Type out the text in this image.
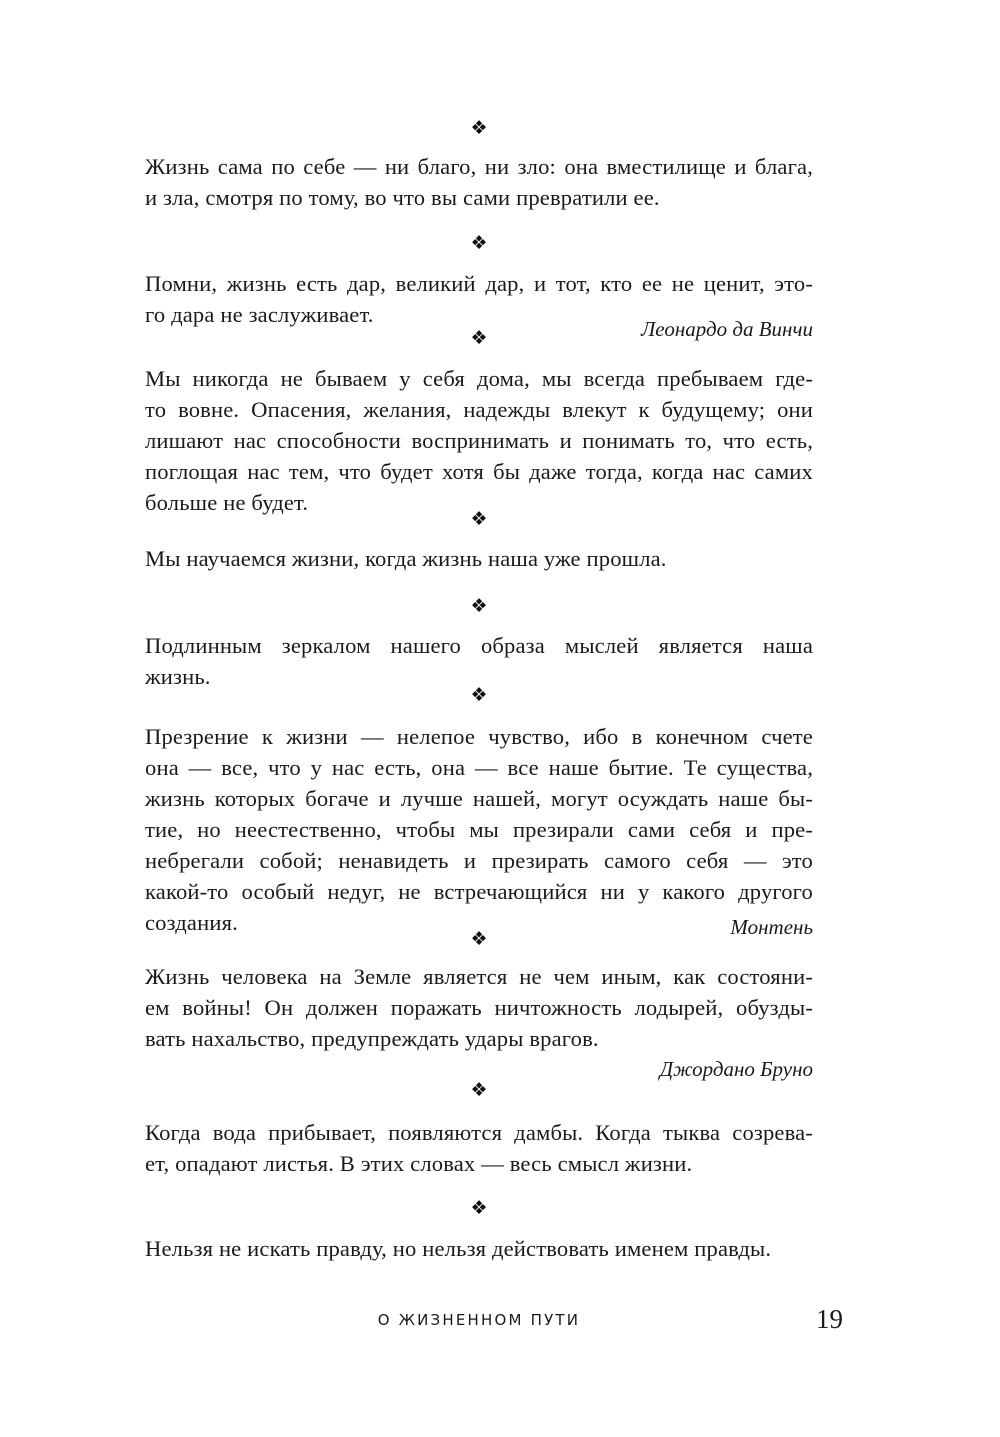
❖
❖
❖
❖
❖
❖
❖
❖
❖

Жизнь сама по себе — ни благо, ни зло: она вместилище и блага,
и зла, смотря по тому, во что вы сами превратили ее.

Помни, жизнь есть дар, великий дар, и тот, кто ее не ценит, это-
го дара не заслуживает.

Леонардо да Винчи

Мы никогда не бываем у себя дома, мы всегда пребываем где-
то вовне. Опасения, желания, надежды влекут к будущему; они
лишают нас способности воспринимать и понимать то, что есть,
поглощая нас тем, что будет хотя бы даже тогда, когда нас самих
больше не будет.

Мы научаемся жизни, когда жизнь наша уже прошла.

Подлинным зеркалом нашего образа мыслей является наша
жизнь.

Презрение к жизни — нелепое чувство, ибо в конечном счете
она — все, что у нас есть, она — все наше бытие. Те существа,
жизнь которых богаче и лучше нашей, могут осуждать наше бы-
тие, но неестественно, чтобы мы презирали сами себя и пре-
небрегали собой; ненавидеть и презирать самого себя — это
какой-то особый недуг, не встречающийся ни у какого другого
создания.	Монтень

Жизнь человека на Земле является не чем иным, как состояни-
ем войны! Он должен поражать ничтожность лодырей, обузды-
вать нахальство, предупреждать удары врагов.

Джордано Бруно

Когда вода прибывает, появляются дамбы. Когда тыква созрева-
ет, опадают листья. В этих словах — весь смысл жизни.

Нельзя не искать правду, но нельзя действовать именем правды.

О ЖИЗНЕННОМ ПУТИ	19
